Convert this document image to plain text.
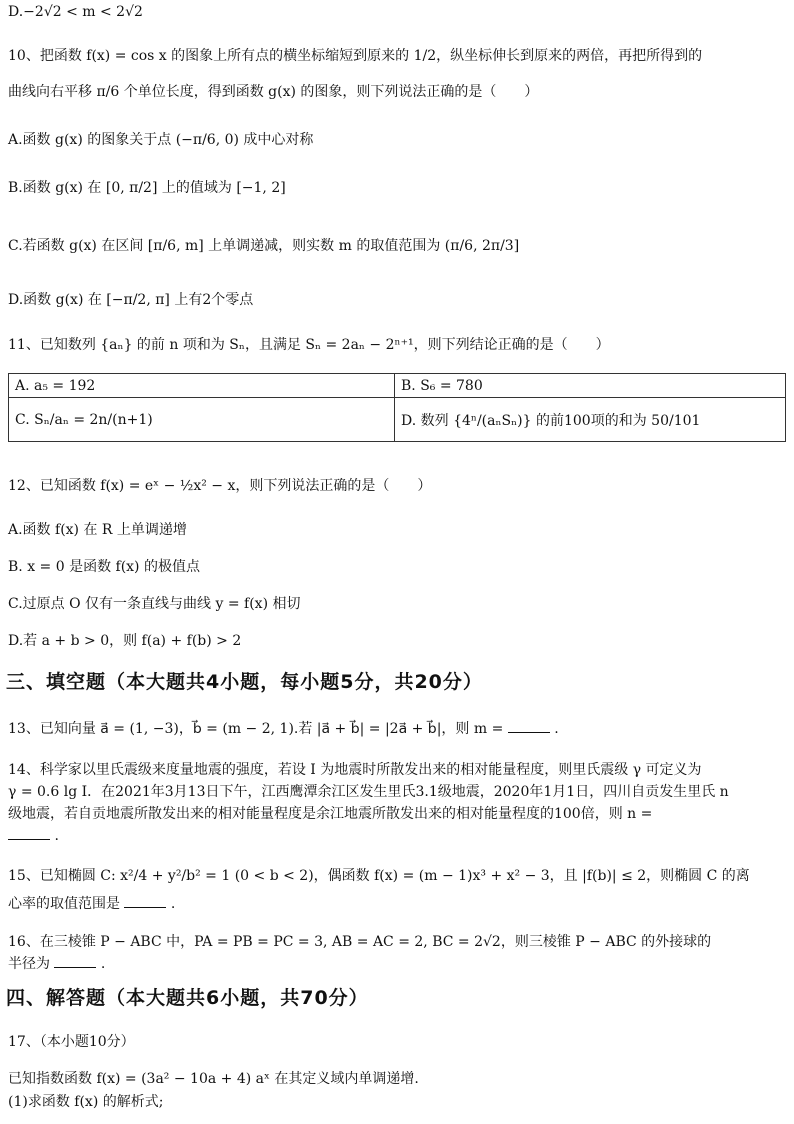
D.−2√2 < m < 2√2
10、把函数 f(x) = cos x 的图象上所有点的横坐标缩短到原来的 1/2，纵坐标伸长到原来的两倍，再把所得到的
曲线向右平移 π/6 个单位长度，得到函数 g(x) 的图象，则下列说法正确的是（　　）
A.函数 g(x) 的图象关于点 (−π/6, 0) 成中心对称
B.函数 g(x) 在 [0, π/2] 上的值域为 [−1, 2]
C.若函数 g(x) 在区间 [π/6, m] 上单调递减，则实数 m 的取值范围为 (π/6, 2π/3]
D.函数 g(x) 在 [−π/2, π] 上有2个零点
11、已知数列 {aₙ} 的前 n 项和为 Sₙ，且满足 Sₙ = 2aₙ − 2ⁿ⁺¹，则下列结论正确的是（　　）
A. a₅ = 192	B. S₆ = 780
C. Sₙ/aₙ = 2n/(n+1)	D. 数列 {4ⁿ/(aₙSₙ)} 的前100项的和为 50/101
12、已知函数 f(x) = eˣ − ½x² − x，则下列说法正确的是（　　）
A.函数 f(x) 在 R 上单调递增
B. x = 0 是函数 f(x) 的极值点
C.过原点 O 仅有一条直线与曲线 y = f(x) 相切
D.若 a + b > 0，则 f(a) + f(b) > 2
三、填空题（本大题共4小题，每小题5分，共20分）
13、已知向量 a⃗ = (1, −3)，b⃗ = (m − 2, 1).若 |a⃗ + b⃗| = |2a⃗ + b⃗|，则 m =	.
14、科学家以里氏震级来度量地震的强度，若设 I 为地震时所散发出来的相对能量程度，则里氏震级 γ 可定义为
γ = 0.6 lg I．在2021年3月13日下午，江西鹰潭余江区发生里氏3.1级地震，2020年1月1日，四川自贡发生里氏 n
级地震，若自贡地震所散发出来的相对能量程度是余江地震所散发出来的相对能量程度的100倍，则 n =
.
15、已知椭圆 C: x²/4 + y²/b² = 1 (0 < b < 2)，偶函数 f(x) = (m − 1)x³ + x² − 3，且 |f(b)| ≤ 2，则椭圆 C 的离
心率的取值范围是	.
16、在三棱锥 P − ABC 中，PA = PB = PC = 3, AB = AC = 2, BC = 2√2，则三棱锥 P − ABC 的外接球的
半径为	.
四、解答题（本大题共6小题，共70分）
17、（本小题10分）
已知指数函数 f(x) = (3a² − 10a + 4) aˣ 在其定义域内单调递增.
(1)求函数 f(x) 的解析式;
